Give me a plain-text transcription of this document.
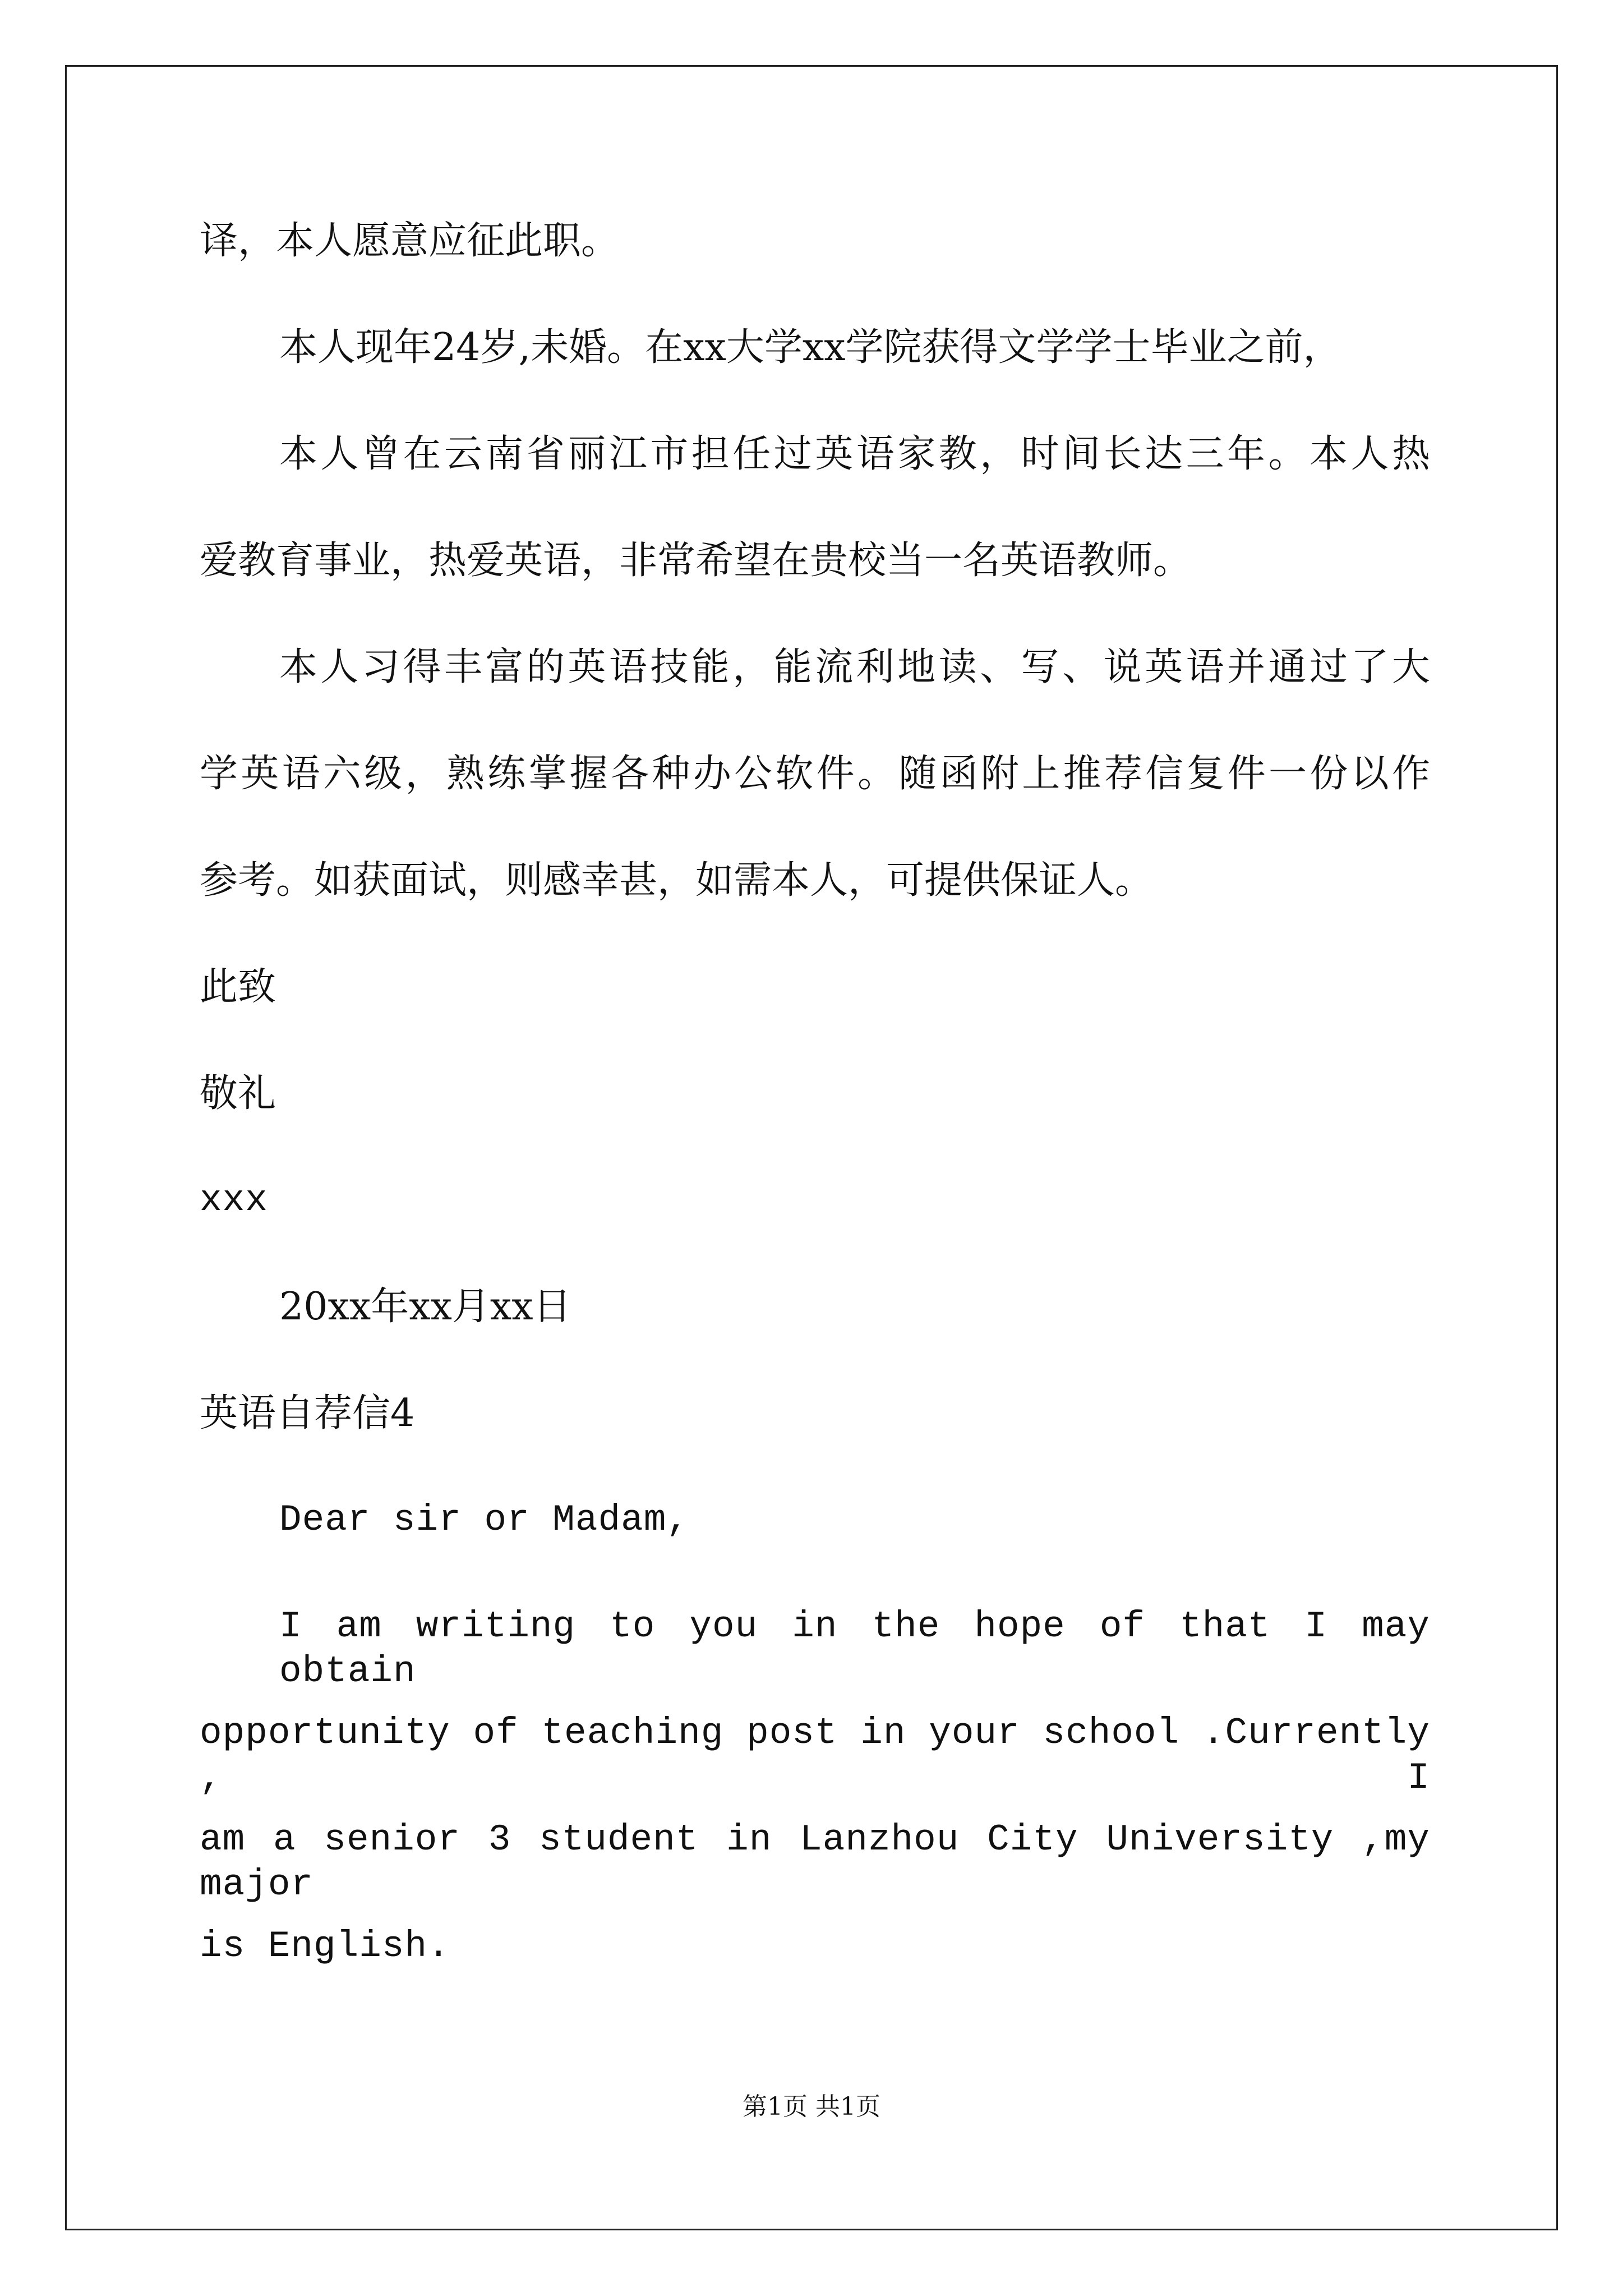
译，本人愿意应征此职。
本人现年24岁,未婚。在xx大学xx学院获得文学学士毕业之前，
本人曾在云南省丽江市担任过英语家教，时间长达三年。本人热
爱教育事业，热爱英语，非常希望在贵校当一名英语教师。
本人习得丰富的英语技能，能流利地读、写、说英语并通过了大
学英语六级，熟练掌握各种办公软件。随函附上推荐信复件一份以作
参考。如获面试，则感幸甚，如需本人，可提供保证人。
此致
敬礼
xxx
20xx年xx月xx日
英语自荐信4
Dear sir or Madam,
I am writing to you in the hope of that I may obtain
opportunity of teaching post in your school .Currently , I
am a senior 3 student in Lanzhou City University ,my major
is English.
第1页 共1页
